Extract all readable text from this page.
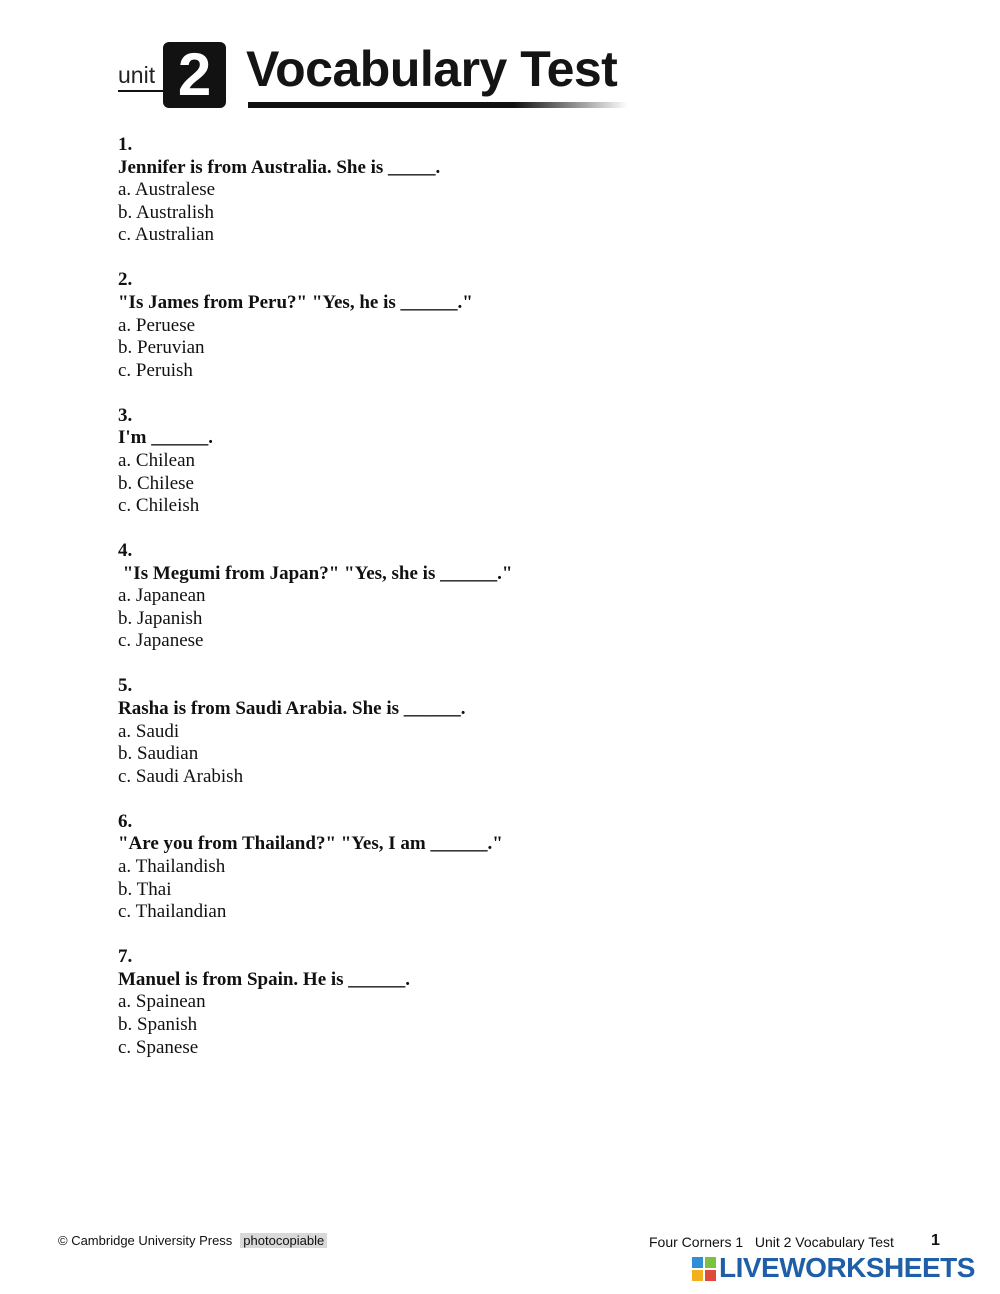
unit 2 Vocabulary Test
1.
Jennifer is from Australia. She is _____.
a. Australese
b. Australish
c. Australian
2.
"Is James from Peru?" "Yes, he is ______."
a. Peruese
b. Peruvian
c. Peruish
3.
I'm ______.
a. Chilean
b. Chilese
c. Chileish
4.
"Is Megumi from Japan?" "Yes, she is ______."
a. Japanean
b. Japanish
c. Japanese
5.
Rasha is from Saudi Arabia. She is ______.
a. Saudi
b. Saudian
c. Saudi Arabish
6.
"Are you from Thailand?" "Yes, I am ______."
a. Thailandish
b. Thai
c. Thailandian
7.
Manuel is from Spain. He is ______.
a. Spainean
b. Spanish
c. Spanese
© Cambridge University Press photocopiable	Four Corners 1 Unit 2 Vocabulary Test 1
LIVEWORKSHEETS
